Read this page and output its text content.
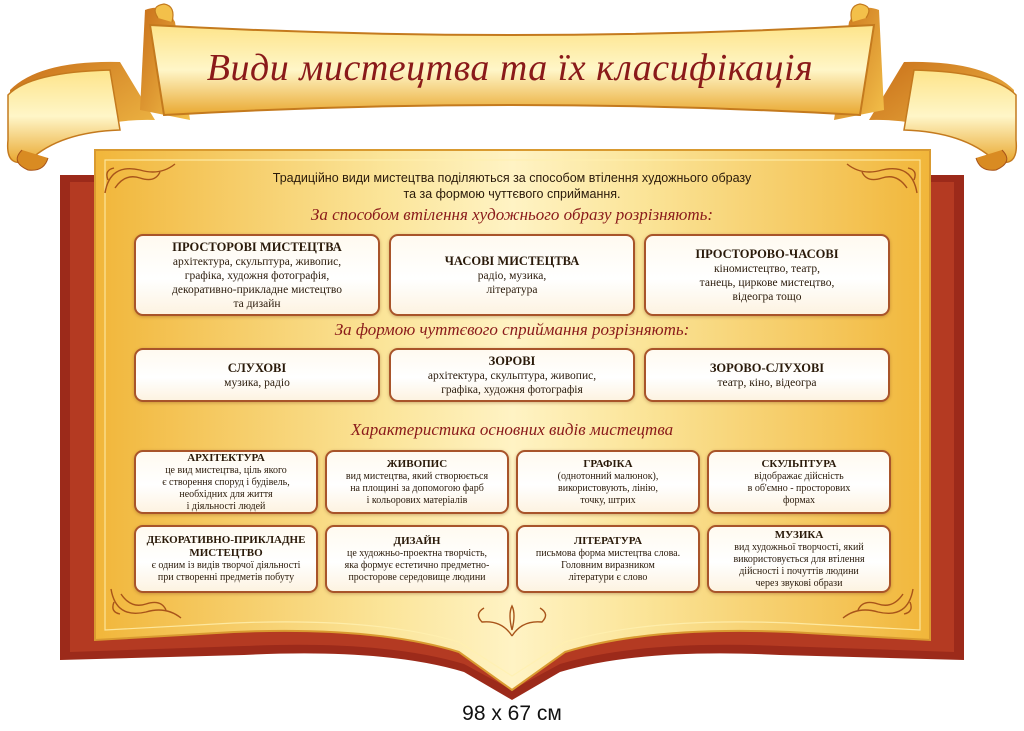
Види мистецтва та їх класифікація
Традиційно види мистецтва поділяються за способом втілення художнього образу
та за формою чуттєвого сприймання.
За способом втілення художнього образу розрізняють:
ПРОСТОРОВІ МИСТЕЦТВА
архітектура, скульптура, живопис,
графіка, художня фотографія,
декоративно-прикладне мистецтво
та дизайн
ЧАСОВІ МИСТЕЦТВА
радіо, музика,
література
ПРОСТОРОВО-ЧАСОВІ
кіномистецтво, театр,
танець, циркове мистецтво,
відеогра тощо
За формою чуттєвого сприймання розрізняють:
СЛУХОВІ
музика, радіо
ЗОРОВІ
архітектура, скульптура, живопис,
графіка, художня фотографія
ЗОРОВО-СЛУХОВІ
театр, кіно, відеогра
Характеристика основних видів мистецтва
АРХІТЕКТУРА
це вид мистецтва, ціль якого
є створення споруд і будівель,
необхідних для життя
і діяльності людей
ЖИВОПИС
вид мистецтва, який створюється
на площині за допомогою фарб
і кольорових матеріалів
ГРАФІКА
(однотонний малюнок),
використовують, лінію,
точку, штрих
СКУЛЬПТУРА
відображає дійсність
в об'ємно - просторових
формах
ДЕКОРАТИВНО-ПРИКЛАДНЕ МИСТЕЦТВО
є одним із видів творчої діяльності
при створенні предметів побуту
ДИЗАЙН
це художньо-проектна творчість,
яка формує естетично предметно-
просторове середовище людини
ЛІТЕРАТУРА
письмова форма мистецтва слова.
Головним виразником
літератури є слово
МУЗИКА
вид художньої творчості, який
використовується для втілення
дійсності і почуттів людини
через звукові образи
98 x 67 см
